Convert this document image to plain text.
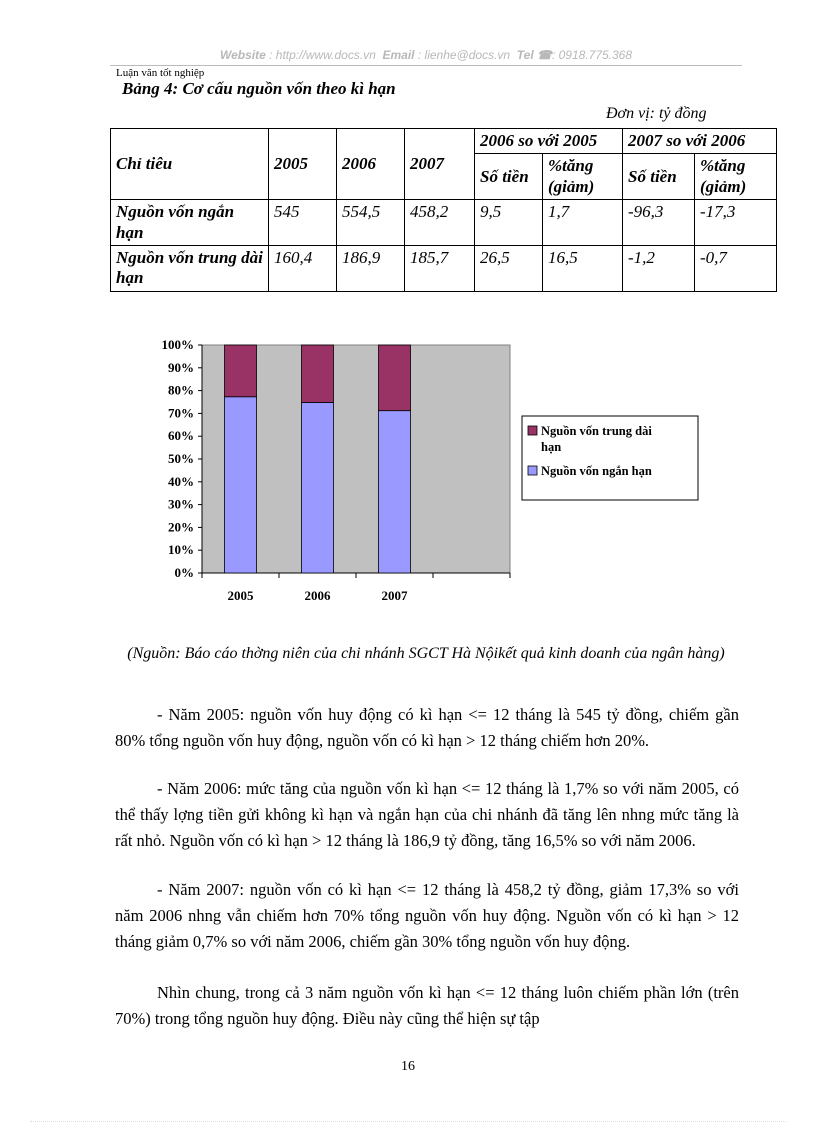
Website : http://www.docs.vn Email : lienhe@docs.vn Tel ☎: 0918.775.368
Luận văn tốt nghiệp
Bảng 4: Cơ cấu nguồn vốn theo kì hạn
Đơn vị: tỷ đồng
Chỉ tiêu	2005	2006	2007	2006 so với 2005		2007 so với 2006	
				Số tiền	%tăng (giảm)	Số tiền	%tăng (giảm)
Nguồn vốn ngắn hạn	545	554,5	458,2	9,5	1,7	-96,3	-17,3
Nguồn vốn trung dài hạn	160,4	186,9	185,7	26,5	16,5	-1,2	-0,7
0%
10%
20%
30%
40%
50%
60%
70%
80%
90%
100%
2005	2006	2007
Nguồn vốn trung dài hạn
Nguồn vốn ngắn hạn
(Nguồn: Báo cáo thờng niên của chi nhánh SGCT Hà Nộikết quả kinh doanh của ngân hàng)
- Năm 2005: nguồn vốn huy động có kì hạn <= 12 tháng là 545 tỷ đồng, chiếm gần 80% tổng nguồn vốn huy động, nguồn vốn có kì hạn > 12 tháng chiếm hơn 20%.
- Năm 2006: mức tăng của nguồn vốn kì hạn <= 12 tháng là 1,7% so với năm 2005, có thể thấy lợng tiền gửi không kì hạn và ngắn hạn của chi nhánh đã tăng lên nhng mức tăng là rất nhỏ. Nguồn vốn có kì hạn > 12 tháng là 186,9 tỷ đồng, tăng 16,5% so với năm 2006.
- Năm 2007: nguồn vốn có kì hạn <= 12 tháng là 458,2 tỷ đồng, giảm 17,3% so với năm 2006 nhng vẫn chiếm hơn 70% tổng nguồn vốn huy động. Nguồn vốn có kì hạn > 12 tháng giảm 0,7% so với năm 2006, chiếm gần 30% tổng nguồn vốn huy động.
Nhìn chung, trong cả 3 năm nguồn vốn kì hạn <= 12 tháng luôn chiếm phần lớn (trên 70%) trong tổng nguồn huy động. Điều này cũng thể hiện sự tập
16
